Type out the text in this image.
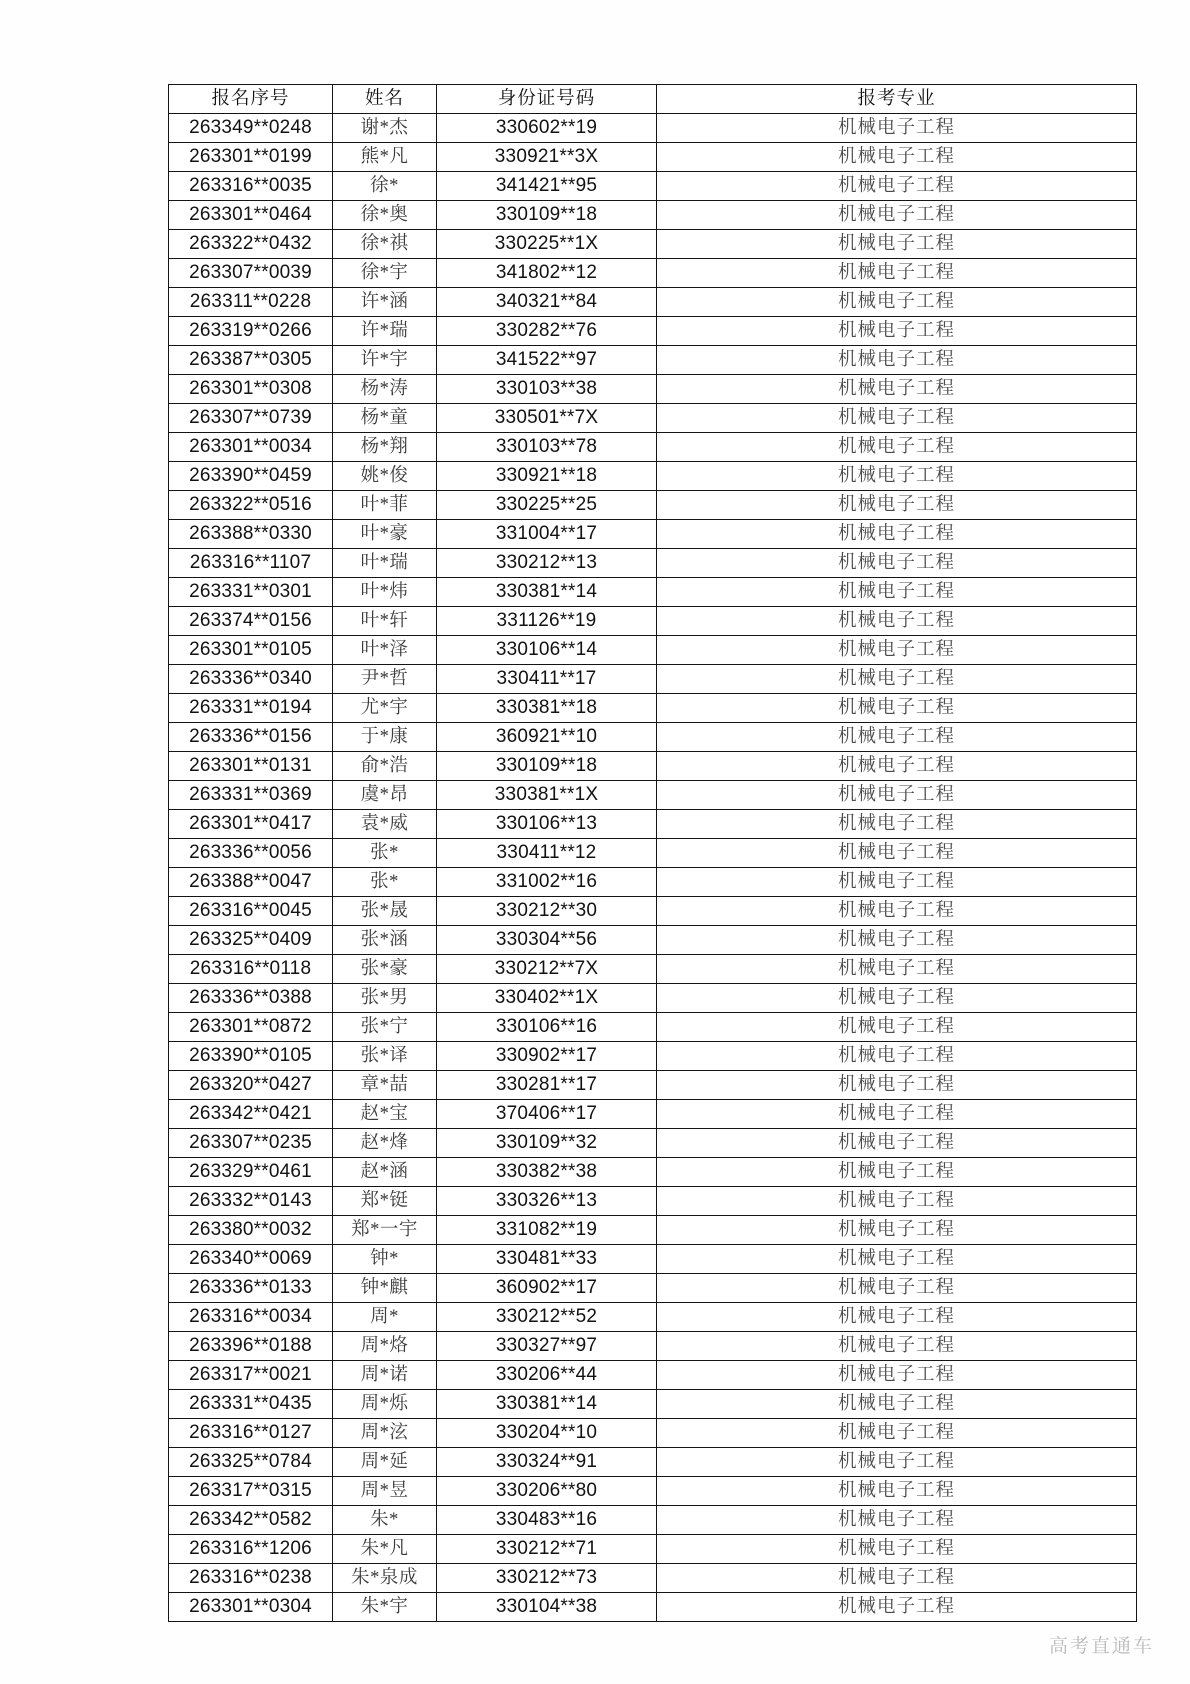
报名序号	姓名	身份证号码	报考专业
263349**0248	谢*杰	330602**19	机械电子工程
263301**0199	熊*凡	330921**3X	机械电子工程
263316**0035	徐*	341421**95	机械电子工程
263301**0464	徐*奥	330109**18	机械电子工程
263322**0432	徐*祺	330225**1X	机械电子工程
263307**0039	徐*宇	341802**12	机械电子工程
263311**0228	许*涵	340321**84	机械电子工程
263319**0266	许*瑞	330282**76	机械电子工程
263387**0305	许*宇	341522**97	机械电子工程
263301**0308	杨*涛	330103**38	机械电子工程
263307**0739	杨*童	330501**7X	机械电子工程
263301**0034	杨*翔	330103**78	机械电子工程
263390**0459	姚*俊	330921**18	机械电子工程
263322**0516	叶*菲	330225**25	机械电子工程
263388**0330	叶*豪	331004**17	机械电子工程
263316**1107	叶*瑞	330212**13	机械电子工程
263331**0301	叶*炜	330381**14	机械电子工程
263374**0156	叶*轩	331126**19	机械电子工程
263301**0105	叶*泽	330106**14	机械电子工程
263336**0340	尹*哲	330411**17	机械电子工程
263331**0194	尤*宇	330381**18	机械电子工程
263336**0156	于*康	360921**10	机械电子工程
263301**0131	俞*浩	330109**18	机械电子工程
263331**0369	虞*昂	330381**1X	机械电子工程
263301**0417	袁*威	330106**13	机械电子工程
263336**0056	张*	330411**12	机械电子工程
263388**0047	张*	331002**16	机械电子工程
263316**0045	张*晟	330212**30	机械电子工程
263325**0409	张*涵	330304**56	机械电子工程
263316**0118	张*豪	330212**7X	机械电子工程
263336**0388	张*男	330402**1X	机械电子工程
263301**0872	张*宁	330106**16	机械电子工程
263390**0105	张*译	330902**17	机械电子工程
263320**0427	章*喆	330281**17	机械电子工程
263342**0421	赵*宝	370406**17	机械电子工程
263307**0235	赵*烽	330109**32	机械电子工程
263329**0461	赵*涵	330382**38	机械电子工程
263332**0143	郑*铤	330326**13	机械电子工程
263380**0032	郑*一宇	331082**19	机械电子工程
263340**0069	钟*	330481**33	机械电子工程
263336**0133	钟*麒	360902**17	机械电子工程
263316**0034	周*	330212**52	机械电子工程
263396**0188	周*烙	330327**97	机械电子工程
263317**0021	周*诺	330206**44	机械电子工程
263331**0435	周*烁	330381**14	机械电子工程
263316**0127	周*泫	330204**10	机械电子工程
263325**0784	周*延	330324**91	机械电子工程
263317**0315	周*昱	330206**80	机械电子工程
263342**0582	朱*	330483**16	机械电子工程
263316**1206	朱*凡	330212**71	机械电子工程
263316**0238	朱*泉成	330212**73	机械电子工程
263301**0304	朱*宇	330104**38	机械电子工程
高考直通车
